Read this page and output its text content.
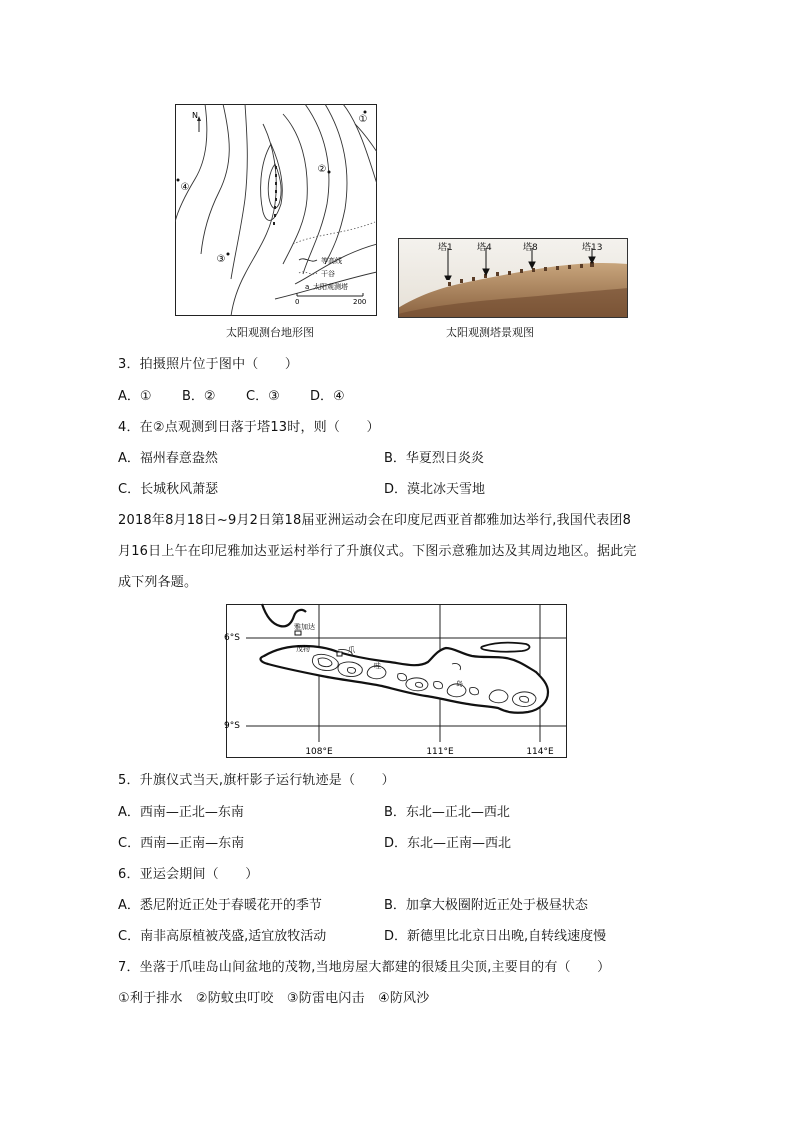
N	①
②
③
④
等高线
干谷
a 太阳观测塔
0	200
太阳观测台地形图
塔1	塔4	塔8	塔13
太阳观测塔景观图
3．拍摄照片位于图中（　　）
A．① B．② C．③ D．④
4．在②点观测到日落于塔13时，则（　　）
A．福州春意盎然	B．华夏烈日炎炎
C．长城秋风萧瑟	D．漠北冰天雪地
2018年8月18日~9月2日第18届亚洲运动会在印度尼西亚首都雅加达举行,我国代表团8
月16日上午在印尼雅加达亚运村举行了升旗仪式。下图示意雅加达及其周边地区。据此完
成下列各题。
雅加达
茂物	爪
哇
岛
6°S
9°S
108°E	111°E	114°E
5．升旗仪式当天,旗杆影子运行轨迹是（　　）
A．西南—正北—东南	B．东北—正北—西北
C．西南—正南—东南	D．东北—正南—西北
6．亚运会期间（　　）
A．悉尼附近正处于春暖花开的季节	B．加拿大极圈附近正处于极昼状态
C．南非高原植被茂盛,适宜放牧活动	D．新德里比北京日出晚,自转线速度慢
7．坐落于爪哇岛山间盆地的茂物,当地房屋大都建的很矮且尖顶,主要目的有（　　）
①利于排水　②防蚊虫叮咬　③防雷电闪击　④防风沙
